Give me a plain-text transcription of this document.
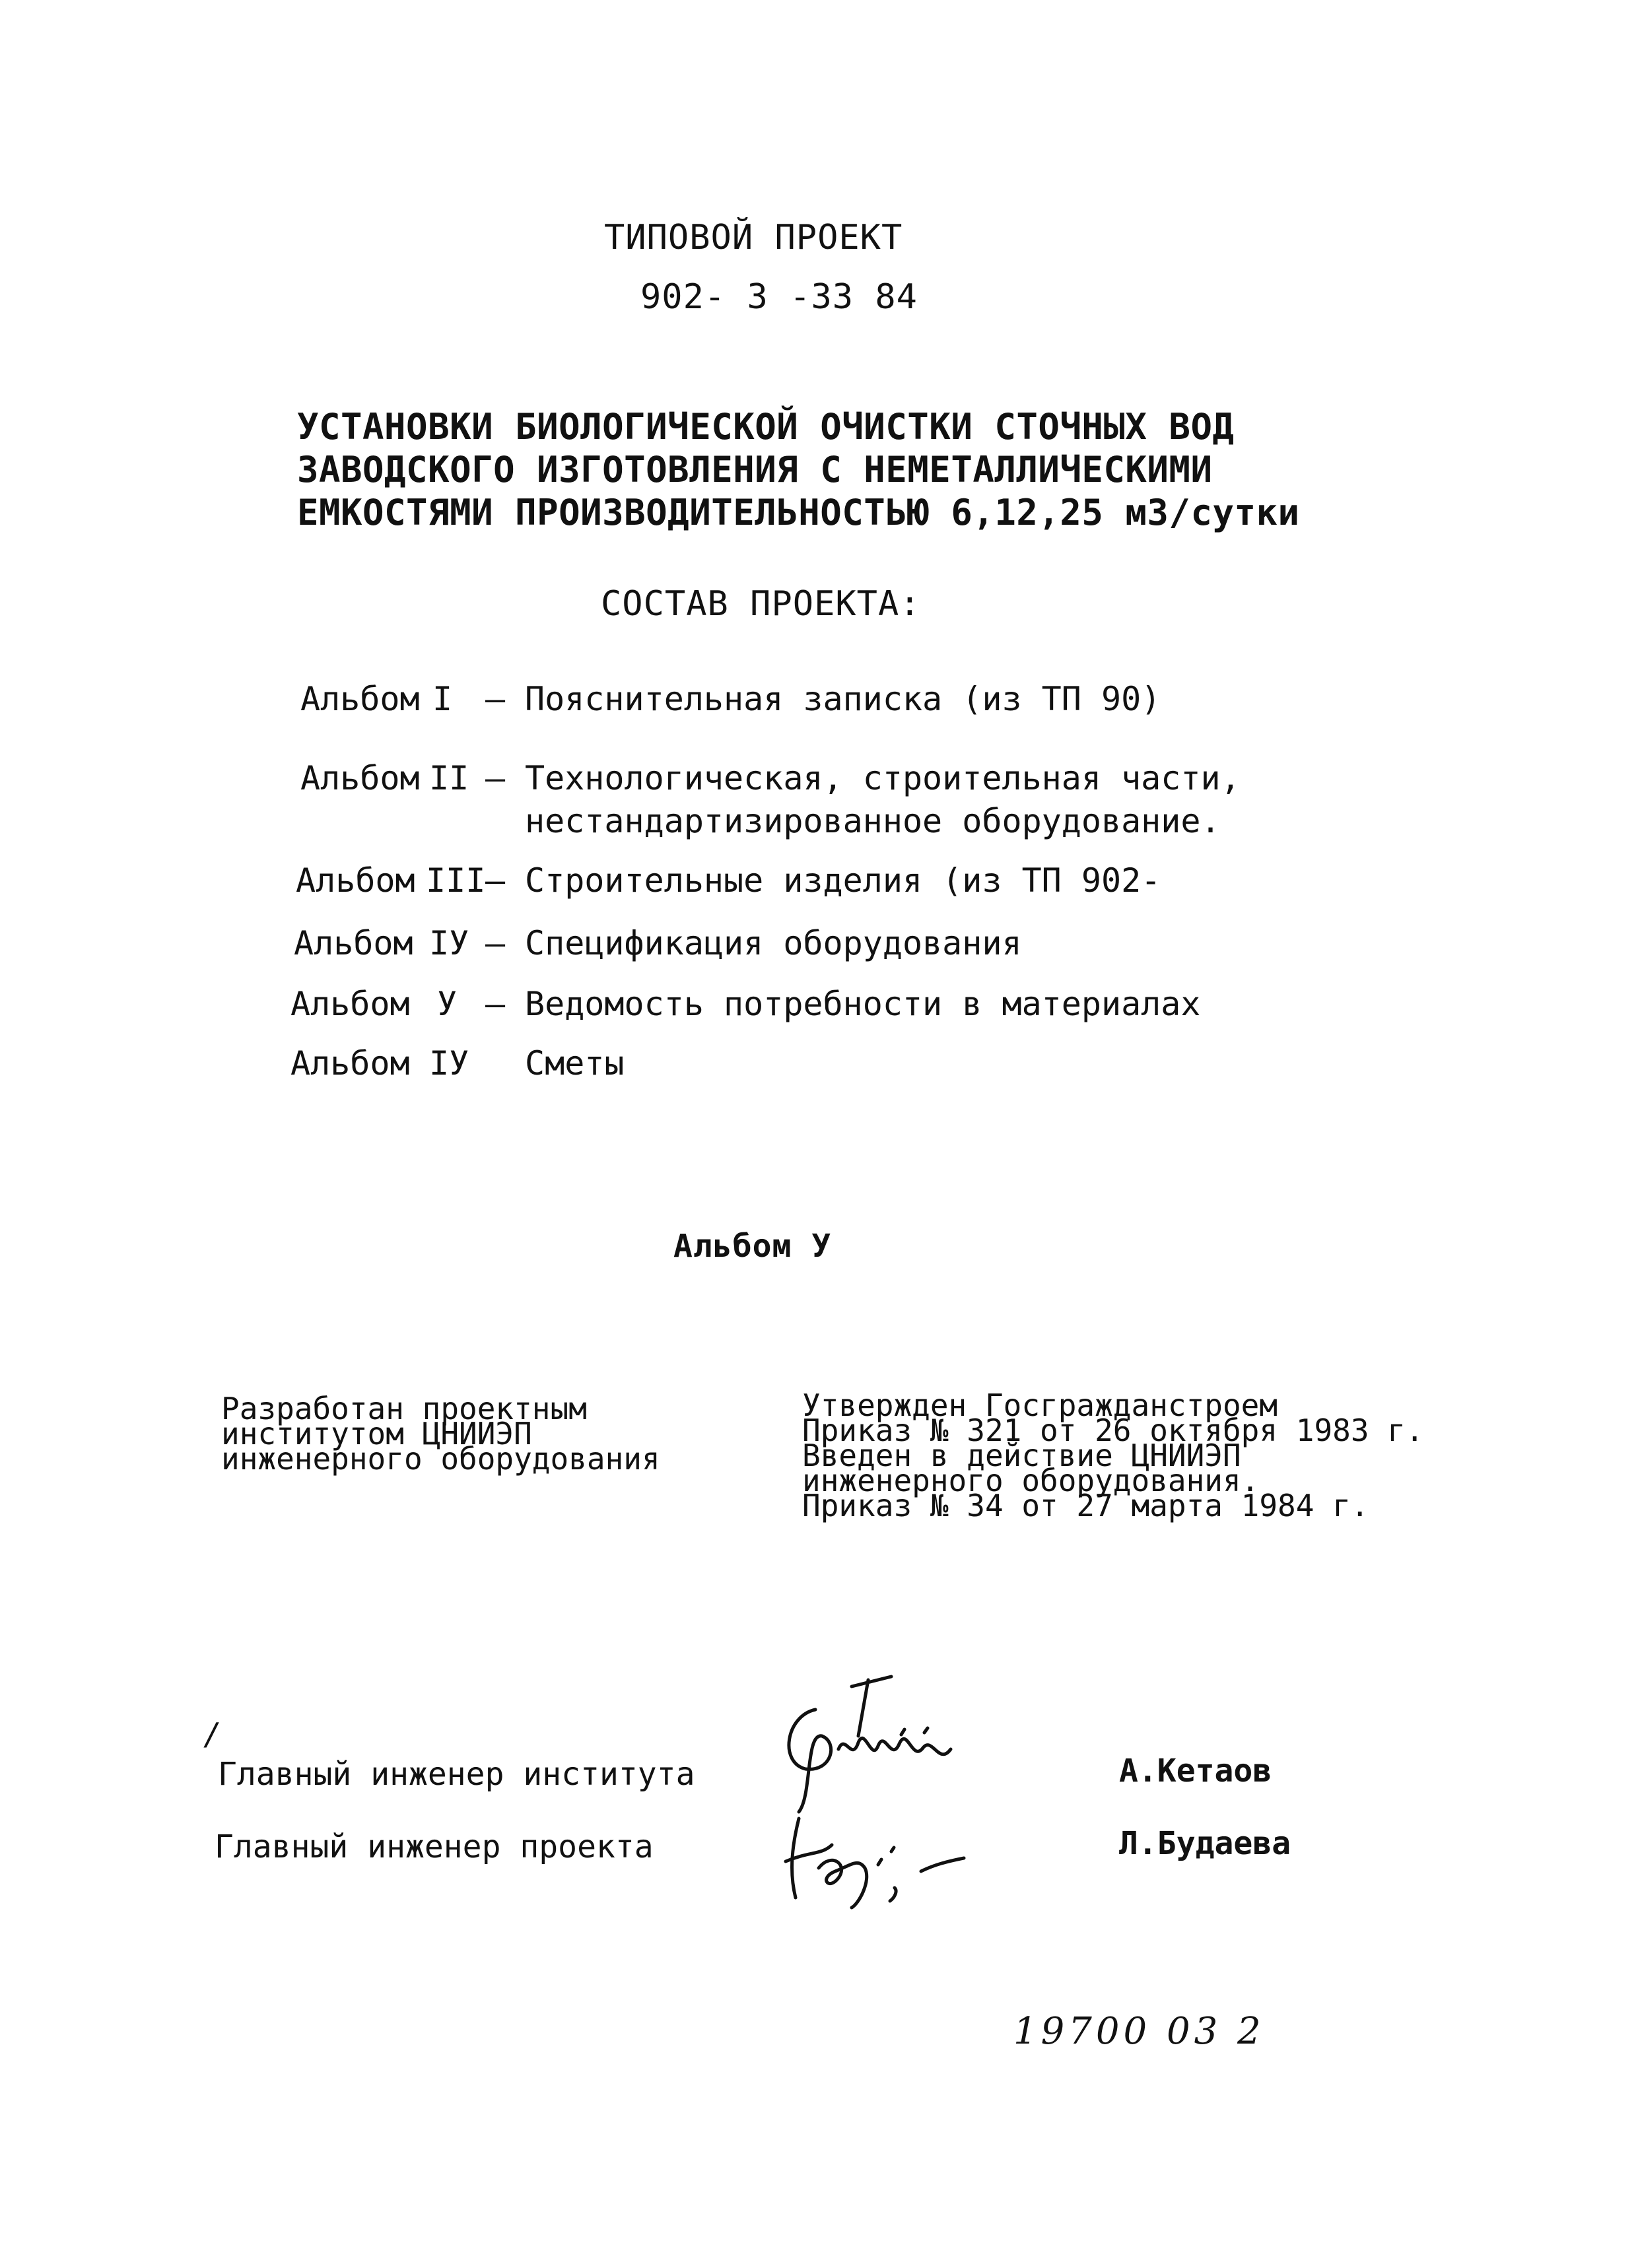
ТИПОВОЙ ПРОЕКТ
902- 3 -33 84
УСТАНОВКИ БИОЛОГИЧЕСКОЙ ОЧИСТКИ СТОЧНЫХ ВОД
ЗАВОДСКОГО ИЗГОТОВЛЕНИЯ С НЕМЕТАЛЛИЧЕСКИМИ
ЕМКОСТЯМИ ПРОИЗВОДИТЕЛЬНОСТЬЮ 6,12,25 м3/сутки
СОСТАВ ПРОЕКТА:
Альбом I – Пояснительная записка (из ТП 90)
Альбом II – Технологическая, строительная части,
нестандартизированное оборудование.
Альбом III – Строительные изделия (из ТП 902-
Альбом IУ – Спецификация оборудования
Альбом У – Ведомость потребности в материалах
Альбом IУ Сметы
Альбом У
Разработан проектным
институтом ЦНИИЭП
инженерного оборудования
Утвержден Госгражданстроем
Приказ № 321 от 26 октября 1983 г.
Введен в действие ЦНИИЭП
инженерного оборудования.
Приказ № 34 от 27 марта 1984 г.
/
Главный инженер института	А.Кетаов
Главный инженер проекта	Л.Будаева
19700 03 2
